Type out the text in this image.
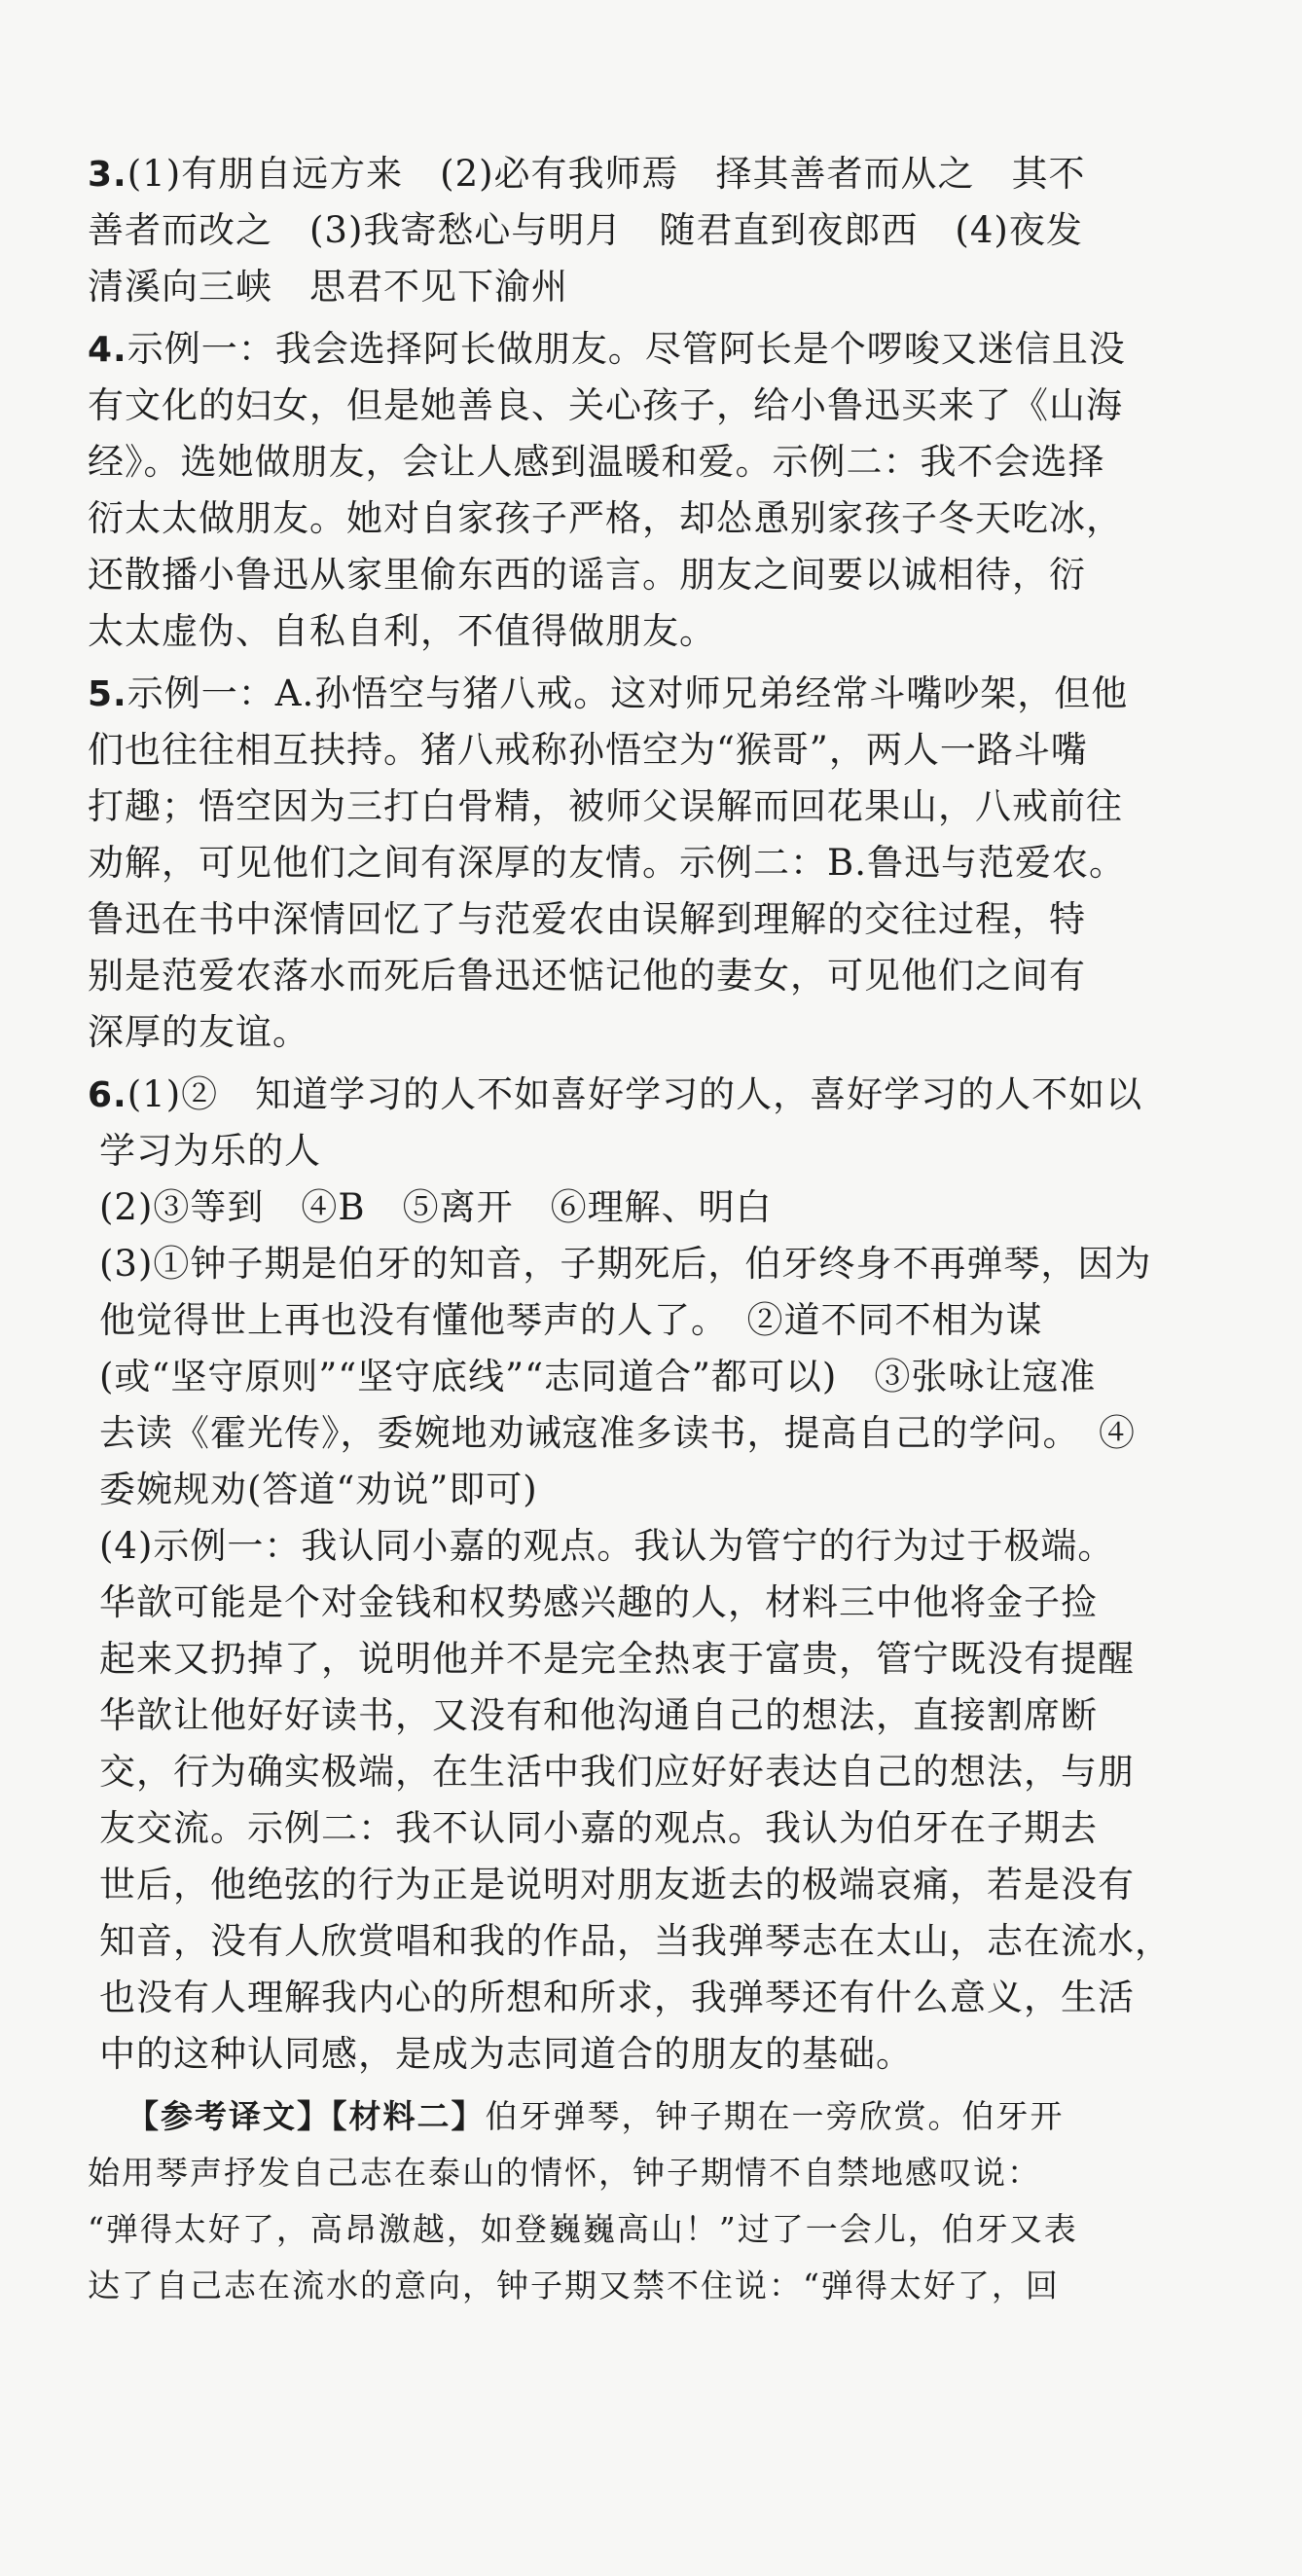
3.(1)有朋自远方来　(2)必有我师焉　择其善者而从之　其不
善者而改之　(3)我寄愁心与明月　随君直到夜郎西　(4)夜发
清溪向三峡　思君不见下渝州
4.示例一：我会选择阿长做朋友。尽管阿长是个啰唆又迷信且没
有文化的妇女，但是她善良、关心孩子，给小鲁迅买来了《山海
经》。选她做朋友，会让人感到温暖和爱。示例二：我不会选择
衍太太做朋友。她对自家孩子严格，却怂恿别家孩子冬天吃冰，
还散播小鲁迅从家里偷东西的谣言。朋友之间要以诚相待，衍
太太虚伪、自私自利，不值得做朋友。
5.示例一：A.孙悟空与猪八戒。这对师兄弟经常斗嘴吵架，但他
们也往往相互扶持。猪八戒称孙悟空为“猴哥”，两人一路斗嘴
打趣；悟空因为三打白骨精，被师父误解而回花果山，八戒前往
劝解，可见他们之间有深厚的友情。示例二：B.鲁迅与范爱农。
鲁迅在书中深情回忆了与范爱农由误解到理解的交往过程，特
别是范爱农落水而死后鲁迅还惦记他的妻女，可见他们之间有
深厚的友谊。
6.(1)②　知道学习的人不如喜好学习的人，喜好学习的人不如以
学习为乐的人
(2)③等到　④B　⑤离开　⑥理解、明白
(3)①钟子期是伯牙的知音，子期死后，伯牙终身不再弹琴，因为
他觉得世上再也没有懂他琴声的人了。　②道不同不相为谋
(或“坚守原则”“坚守底线”“志同道合”都可以)　③张咏让寇准
去读《霍光传》，委婉地劝诫寇准多读书，提高自己的学问。　④
委婉规劝(答道“劝说”即可)
(4)示例一：我认同小嘉的观点。我认为管宁的行为过于极端。
华歆可能是个对金钱和权势感兴趣的人，材料三中他将金子捡
起来又扔掉了，说明他并不是完全热衷于富贵，管宁既没有提醒
华歆让他好好读书，又没有和他沟通自己的想法，直接割席断
交，行为确实极端，在生活中我们应好好表达自己的想法，与朋
友交流。示例二：我不认同小嘉的观点。我认为伯牙在子期去
世后，他绝弦的行为正是说明对朋友逝去的极端哀痛，若是没有
知音，没有人欣赏唱和我的作品，当我弹琴志在太山，志在流水，
也没有人理解我内心的所想和所求，我弹琴还有什么意义，生活
中的这种认同感，是成为志同道合的朋友的基础。
【参考译文】【材料二】伯牙弹琴，钟子期在一旁欣赏。伯牙开
始用琴声抒发自己志在泰山的情怀，钟子期情不自禁地感叹说：
“弹得太好了，高昂激越，如登巍巍高山！”过了一会儿，伯牙又表
达了自己志在流水的意向，钟子期又禁不住说：“弹得太好了，回
